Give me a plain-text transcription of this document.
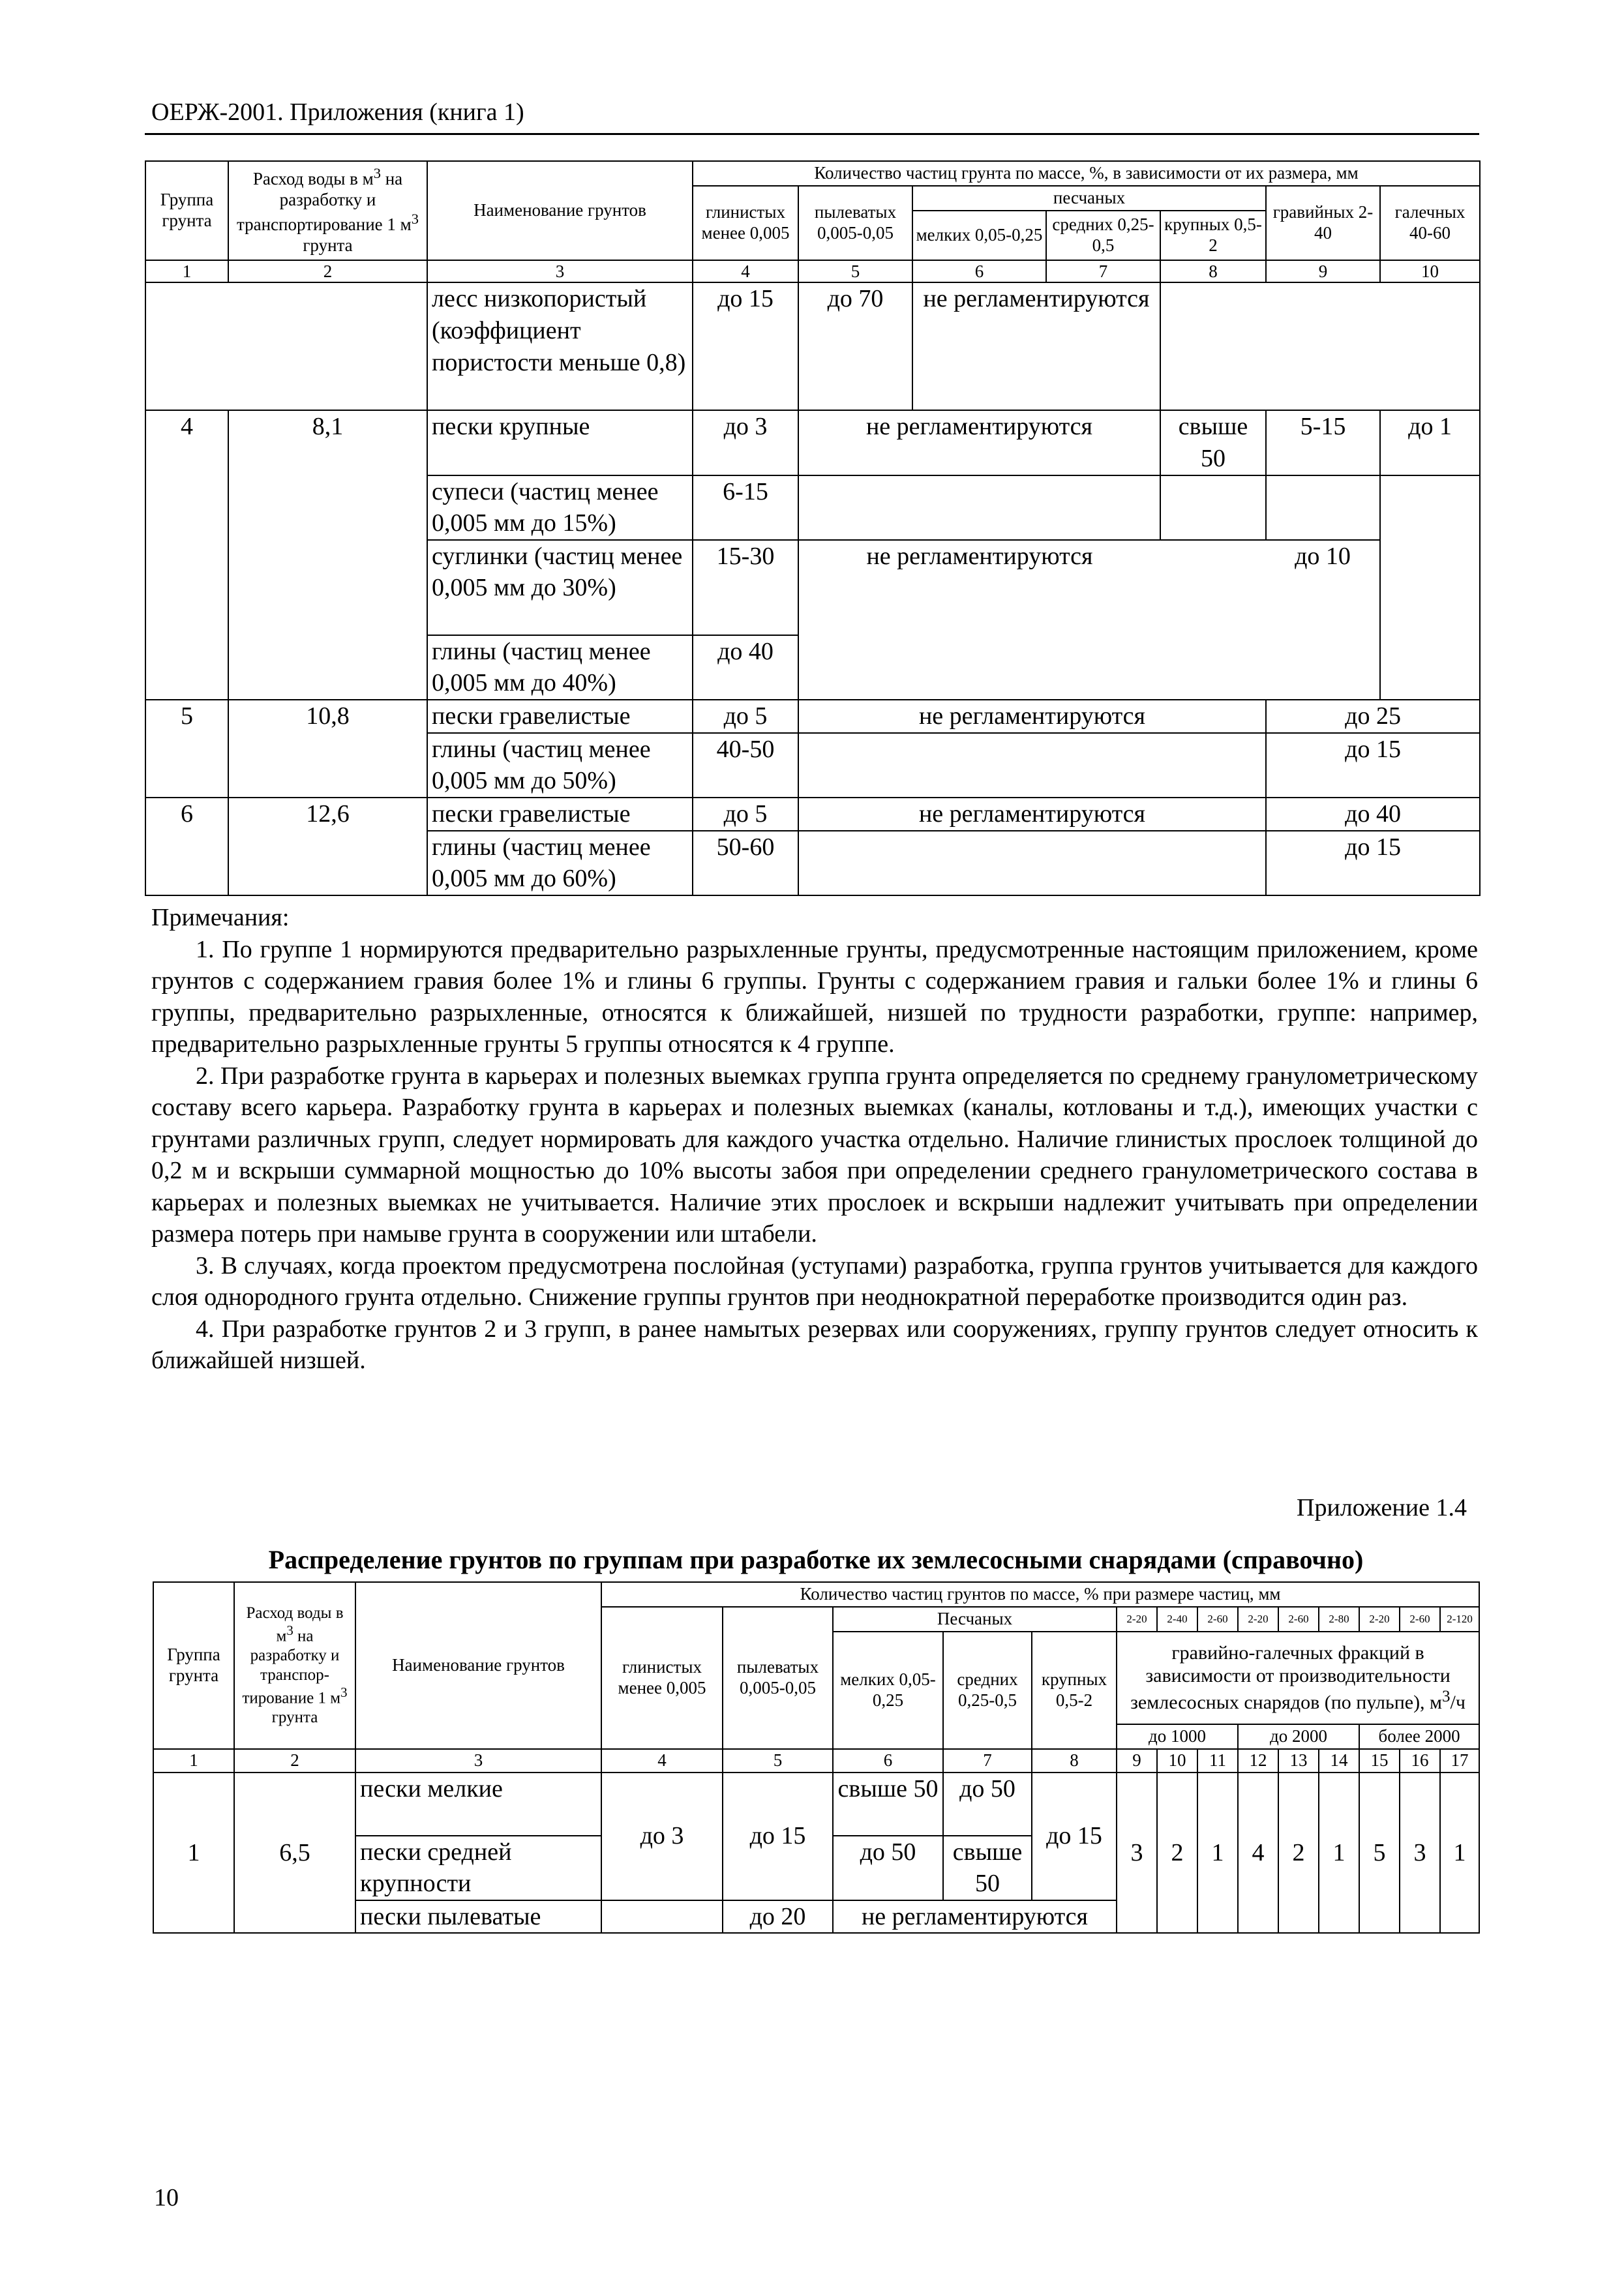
ОЕРЖ-2001. Приложения (книга 1)
Группа грунта	Расход воды в $м^3$ на разработку и транспортирование 1 $м^3$ грунта	Наименование грунтов	Количество частиц грунта по массе, %, в зависимости от их размера, мм						
			глинистых менее 0,005	пылеватых 0,005-0,05	песчаных			гравийных 2-40	галечных 40-60
					мелких 0,05-0,25	средних 0,25-0,5	крупных 0,5-2		
1	2	3	4	5	6	7	8	9	10
		лесс низкопористый (коэффициент пористости меньше 0,8)	до 15	до 70	не регламентируются				
4	8,1	пески крупные	до 3	не регламентируются			свыше 50	5-15	до 1
		супеси (частиц менее 0,005 мм до 15%)	6-15						
		суглинки (частиц менее 0,005 мм до 30%)	15-30	не регламентируются				до 10	
		глины (частиц менее 0,005 мм до 40%)	до 40						
5	10,8	пески гравелистые	до 5	не регламентируются				до 25	
		глины (частиц менее 0,005 мм до 50%)	40-50					до 15	
6	12,6	пески гравелистые	до 5	не регламентируются				до 40	
		глины (частиц менее 0,005 мм до 60%)	50-60					до 15	

Примечания:

1. По группе 1 нормируются предварительно разрыхленные грунты, предусмотренные настоящим приложением, кроме грунтов с содержанием гравия более 1% и глины 6 группы. Грунты с содержанием гравия и гальки более 1% и глины 6 группы, предварительно разрыхленные, относятся к ближайшей, низшей по трудности разработки, группе: например, предварительно разрыхленные грунты 5 группы относятся к 4 группе.

2. При разработке грунта в карьерах и полезных выемках группа грунта определяется по среднему гранулометрическому составу всего карьера. Разработку грунта в карьерах и полезных выемках (каналы, котлованы и т.д.), имеющих участки с грунтами различных групп, следует нормировать для каждого участка отдельно. Наличие глинистых прослоек толщиной до 0,2 м и вскрыши суммарной мощностью до 10% высоты забоя при определении среднего гранулометрического состава в карьерах и полезных выемках не учитывается. Наличие этих прослоек и вскрыши надлежит учитывать при определении размера потерь при намыве грунта в сооружении или штабели.

3. В случаях, когда проектом предусмотрена послойная (уступами) разработка, группа грунтов учитывается для каждого слоя однородного грунта отдельно. Снижение группы грунтов при неоднократной переработке производится один раз.

4. При разработке грунтов 2 и 3 групп, в ранее намытых резервах или сооружениях, группу грунтов следует относить к ближайшей низшей.

Приложение 1.4
Распределение грунтов по группам при разработке их землесосными снарядами (справочно)
Группа грунта	Расход воды в $м^3$ на разработку и транспор-тирование 1 $м^3$ грунта	Наименование грунтов	Количество частиц грунтов по массе, % при размере частиц, мм													
			глинистых менее 0,005	пылеватых 0,005-0,05	Песчаных			2-20	2-40	2-60	2-20	2-60	2-80	2-20	2-60	2-120
					мелких 0,05-0,25	средних 0,25-0,5	крупных 0,5-2	гравийно-галечных фракций в зависимости от производительности землесосных снарядов (по пульпе), $м^3/ч$								

								до 1000			до 2000			более 2000		
1	2	3	4	5	6	7	8	9	10	11	12	13	14	15	16	17
1	6,5	пески мелкие	до 3	до 15	свыше 50	до 50	до 15	3	2	1	4	2	1	5	3	1
		пески средней крупности			до 50	свыше 50										
		пески пылеватые		до 20	не регламентируются											
10
